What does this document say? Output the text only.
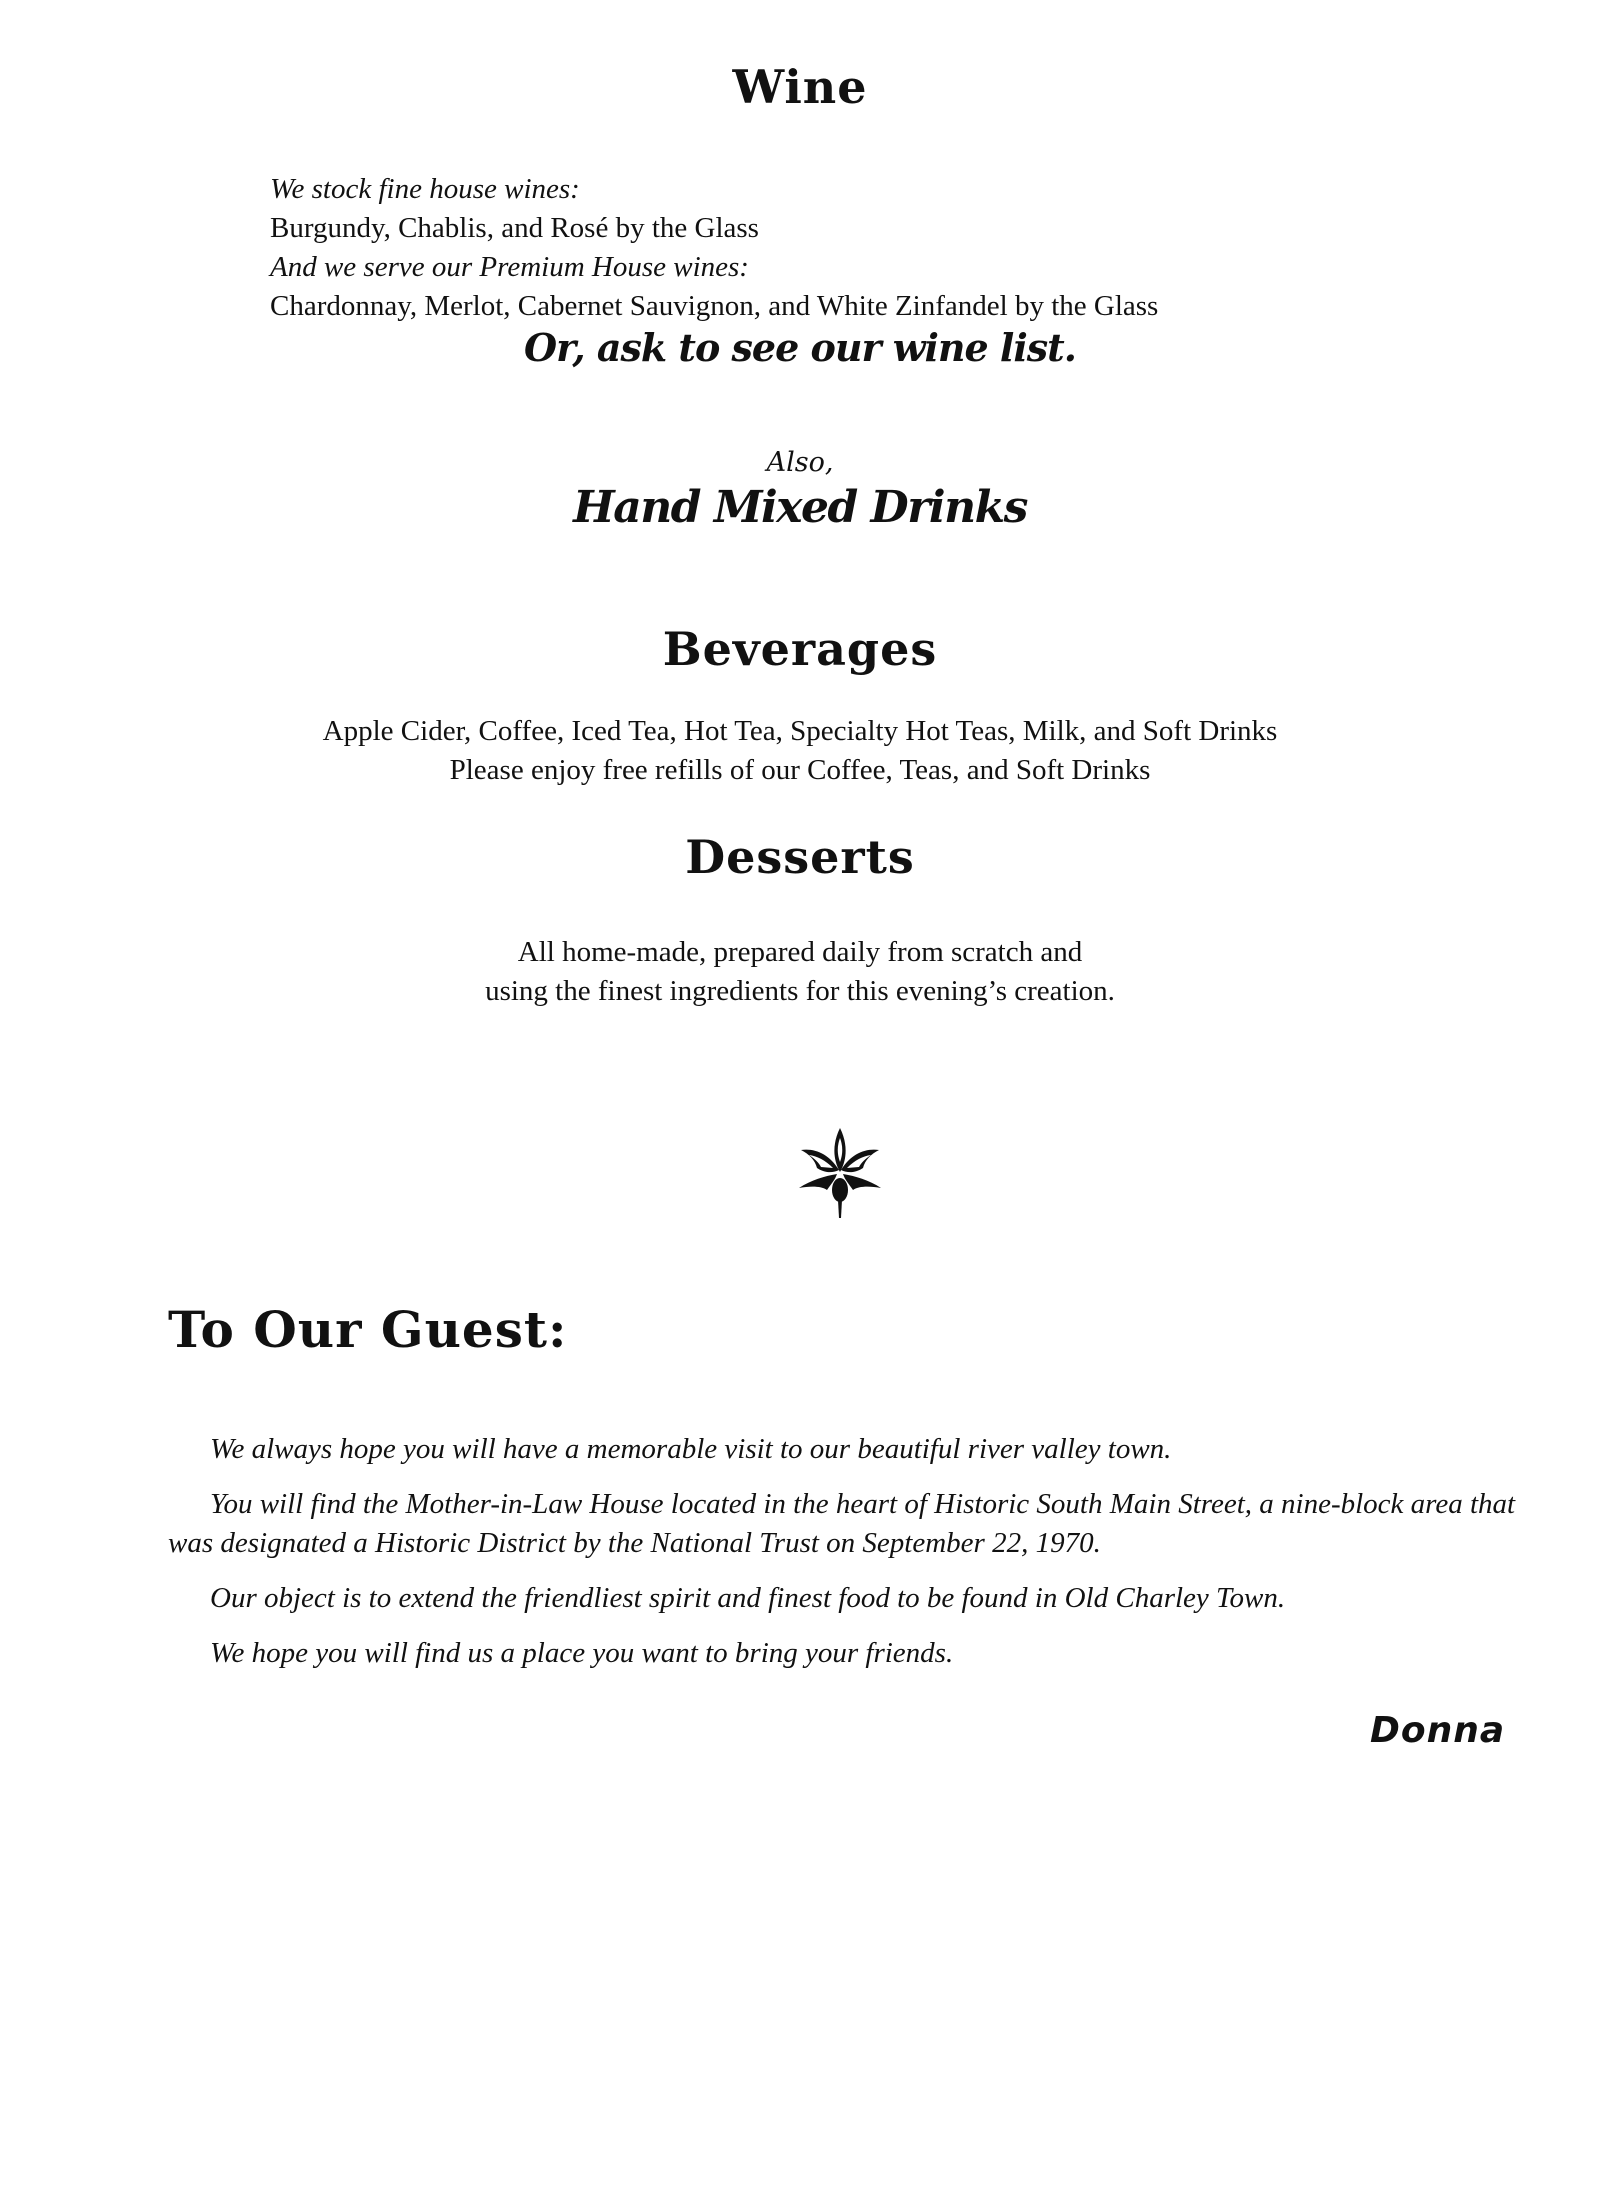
Wine
We stock fine house wines:
Burgundy, Chablis, and Rosé by the Glass
And we serve our Premium House wines:
Chardonnay, Merlot, Cabernet Sauvignon, and White Zinfandel by the Glass
Or, ask to see our wine list.
Also,
Hand Mixed Drinks
Beverages
Apple Cider, Coffee, Iced Tea, Hot Tea, Specialty Hot Teas, Milk, and Soft Drinks
Please enjoy free refills of our Coffee, Teas, and Soft Drinks
Desserts
All home-made, prepared daily from scratch and
using the finest ingredients for this evening’s creation.
To Our Guest:

We always hope you will have a memorable visit to our beautiful river valley town.

You will find the Mother-in-Law House located in the heart of Historic South Main Street, a nine-block area that was designated a Historic District by the National Trust on September 22, 1970.

Our object is to extend the friendliest spirit and finest food to be found in Old Charley Town.

We hope you will find us a place you want to bring your friends.

Donna
